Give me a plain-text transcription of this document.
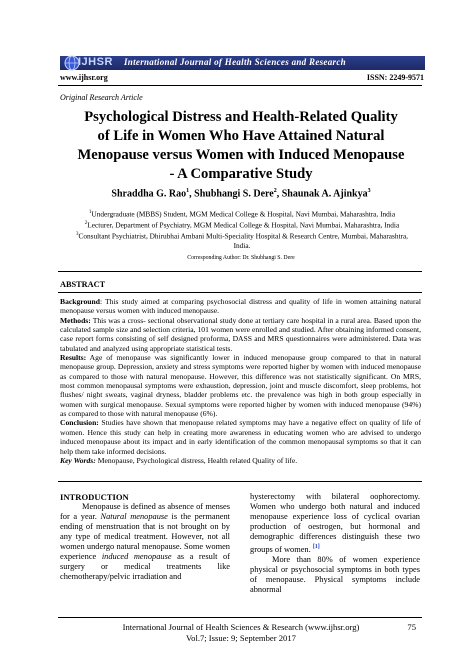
IJHSR International Journal of Health Sciences and Research
www.ijhsr.org	ISSN: 2249-9571
Original Research Article
Psychological Distress and Health-Related Quality
of Life in Women Who Have Attained Natural
Menopause versus Women with Induced Menopause
- A Comparative Study
Shraddha G. Rao$^1$, Shubhangi S. Dere$^2$, Shaunak A. Ajinkya$^3$
$^1$Undergraduate (MBBS) Student, MGM Medical College & Hospital, Navi Mumbai, Maharashtra, India
$^2$Lecturer, Department of Psychiatry, MGM Medical College & Hospital, Navi Mumbai, Maharashtra, India
$^3$Consultant Psychiatrist, Dhirubhai Ambani Multi-Speciality Hospital & Research Centre, Mumbai, Maharashtra, India.
Corresponding Author: Dr. Shubhangi S. Dere
ABSTRACT

Background: This study aimed at comparing psychosocial distress and quality of life in women attaining natural menopause versus women with induced menopause.

Methods: This was a cross- sectional observational study done at tertiary care hospital in a rural area. Based upon the calculated sample size and selection criteria, 101 women were enrolled and studied. After obtaining informed consent, case report forms consisting of self designed proforma, DASS and MRS questionnaires were administered. Data was tabulated and analyzed using appropriate statistical tests.

Results: Age of menopause was significantly lower in induced menopause group compared to that in natural menopause group. Depression, anxiety and stress symptoms were reported higher by women with induced menopause as compared to those with natural menopause. However, this difference was not statistically significant. On MRS, most common menopausal symptoms were exhaustion, depression, joint and muscle discomfort, sleep problems, hot flushes/ night sweats, vaginal dryness, bladder problems etc. the prevalence was high in both group especially in women with surgical menopause. Sexual symptoms were reported higher by women with induced menopause (94%) as compared to those with natural menopause (6%).

Conclusion: Studies have shown that menopause related symptoms may have a negative effect on quality of life of women. Hence this study can help in creating more awareness in educating women who are advised to undergo induced menopause about its impact and in early identification of the common menopausal symptoms so that it can help them take informed decisions.

Key Words: Menopause, Psychological distress, Health related Quality of life.

INTRODUCTION

Menopause is defined as absence of menses for a year. Natural menopause is the permanent ending of menstruation that is not brought on by any type of medical treatment. However, not all women undergo natural menopause. Some women experience induced menopause as a result of surgery or medical treatments like chemotherapy/pelvic irradiation and

hysterectomy with bilateral oophorectomy. Women who undergo both natural and induced menopause experience loss of cyclical ovarian production of oestrogen, but hormonal and demographic differences distinguish these two groups of women. [1]

More than 80% of women experience physical or psychosocial symptoms in both types of menopause. Physical symptoms include abnormal

International Journal of Health Sciences & Research (www.ijhsr.org)
Vol.7; Issue: 9; September 2017
75
